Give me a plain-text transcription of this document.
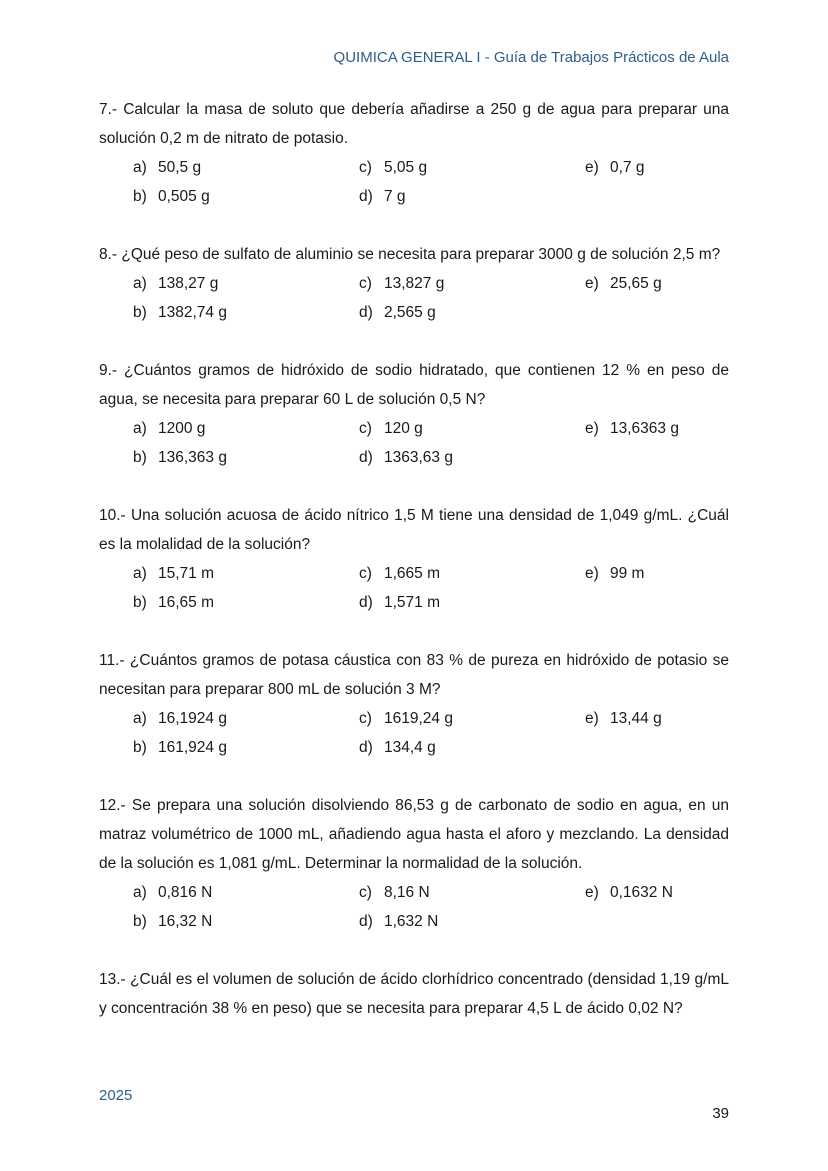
QUIMICA GENERAL I - Guía de Trabajos Prácticos de Aula

7.- Calcular la masa de soluto que debería añadirse a 250 g de agua para preparar una solución 0,2 m de nitrato de potasio.

a) 50,5 g	c) 5,05 g	e) 0,7 g
b) 0,505 g	d) 7 g

8.- ¿Qué peso de sulfato de aluminio se necesita para preparar 3000 g de solución 2,5 m?

a) 138,27 g	c) 13,827 g	e) 25,65 g
b) 1382,74 g	d) 2,565 g

9.- ¿Cuántos gramos de hidróxido de sodio hidratado, que contienen 12 % en peso de agua, se necesita para preparar 60 L de solución 0,5 N?

a) 1200 g	c) 120 g	e) 13,6363 g
b) 136,363 g	d) 1363,63 g

10.- Una solución acuosa de ácido nítrico 1,5 M tiene una densidad de 1,049 g/mL. ¿Cuál es la molalidad de la solución?

a) 15,71 m	c) 1,665 m	e) 99 m
b) 16,65 m	d) 1,571 m

11.- ¿Cuántos gramos de potasa cáustica con 83 % de pureza en hidróxido de potasio se necesitan para preparar 800 mL de solución 3 M?

a) 16,1924 g	c) 1619,24 g	e) 13,44 g
b) 161,924 g	d) 134,4 g

12.- Se prepara una solución disolviendo 86,53 g de carbonato de sodio en agua, en un matraz volumétrico de 1000 mL, añadiendo agua hasta el aforo y mezclando. La densidad de la solución es 1,081 g/mL. Determinar la normalidad de la solución.

a) 0,816 N	c) 8,16 N	e) 0,1632 N
b) 16,32 N	d) 1,632 N

13.- ¿Cuál es el volumen de solución de ácido clorhídrico concentrado (densidad 1,19 g/mL y concentración 38 % en peso) que se necesita para preparar 4,5 L de ácido 0,02 N?

2025
39
